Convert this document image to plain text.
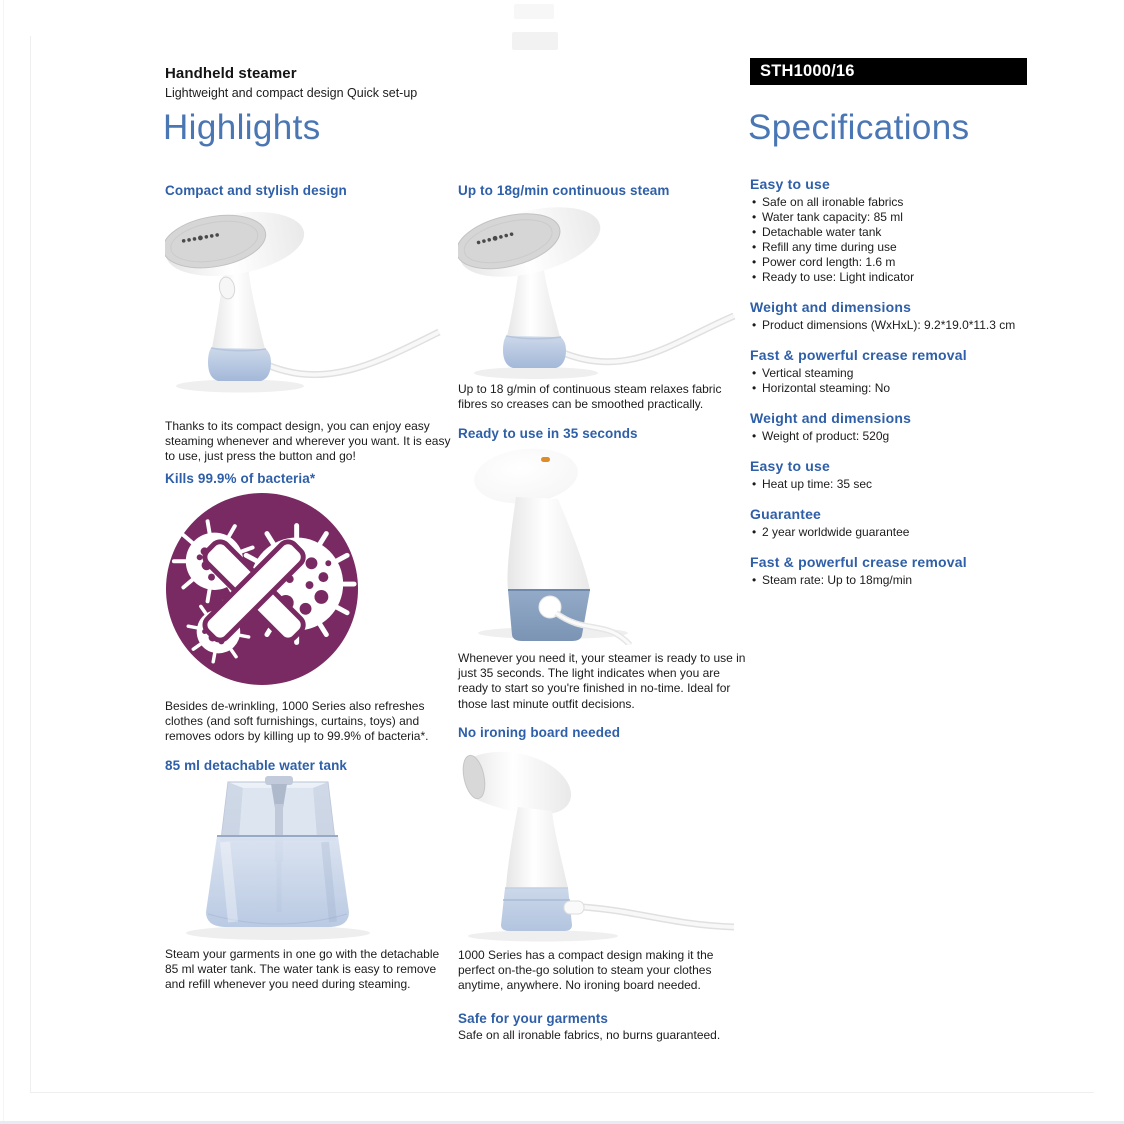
Handheld steamer
Lightweight and compact design Quick set-up
Highlights
STH1000/16
Specifications
Compact and stylish design
Thanks to its compact design, you can enjoy easy steaming whenever and wherever you want. It is easy to use, just press the button and go!
Kills 99.9% of bacteria*
Besides de-wrinkling, 1000 Series also refreshes clothes (and soft furnishings, curtains, toys) and removes odors by killing up to 99.9% of bacteria*.
85 ml detachable water tank
Steam your garments in one go with the detachable 85 ml water tank. The water tank is easy to remove and refill whenever you need during steaming.
Up to 18g/min continuous steam
Up to 18 g/min of continuous steam relaxes fabric fibres so creases can be smoothed practically.
Ready to use in 35 seconds
Whenever you need it, your steamer is ready to use in just 35 seconds. The light indicates when you are ready to start so you're finished in no-time. Ideal for those last minute outfit decisions.
No ironing board needed
1000 Series has a compact design making it the perfect on-the-go solution to steam your clothes anytime, anywhere. No ironing board needed.
Safe for your garments
Safe on all ironable fabrics, no burns guaranteed.
Easy to use
• Safe on all ironable fabrics
• Water tank capacity: 85 ml
• Detachable water tank
• Refill any time during use
• Power cord length: 1.6 m
• Ready to use: Light indicator
Weight and dimensions
• Product dimensions (WxHxL): 9.2*19.0*11.3 cm
Fast & powerful crease removal
• Vertical steaming
• Horizontal steaming: No
Weight and dimensions
• Weight of product: 520g
Easy to use
• Heat up time: 35 sec
Guarantee
• 2 year worldwide guarantee
Fast & powerful crease removal
• Steam rate: Up to 18mg/min
